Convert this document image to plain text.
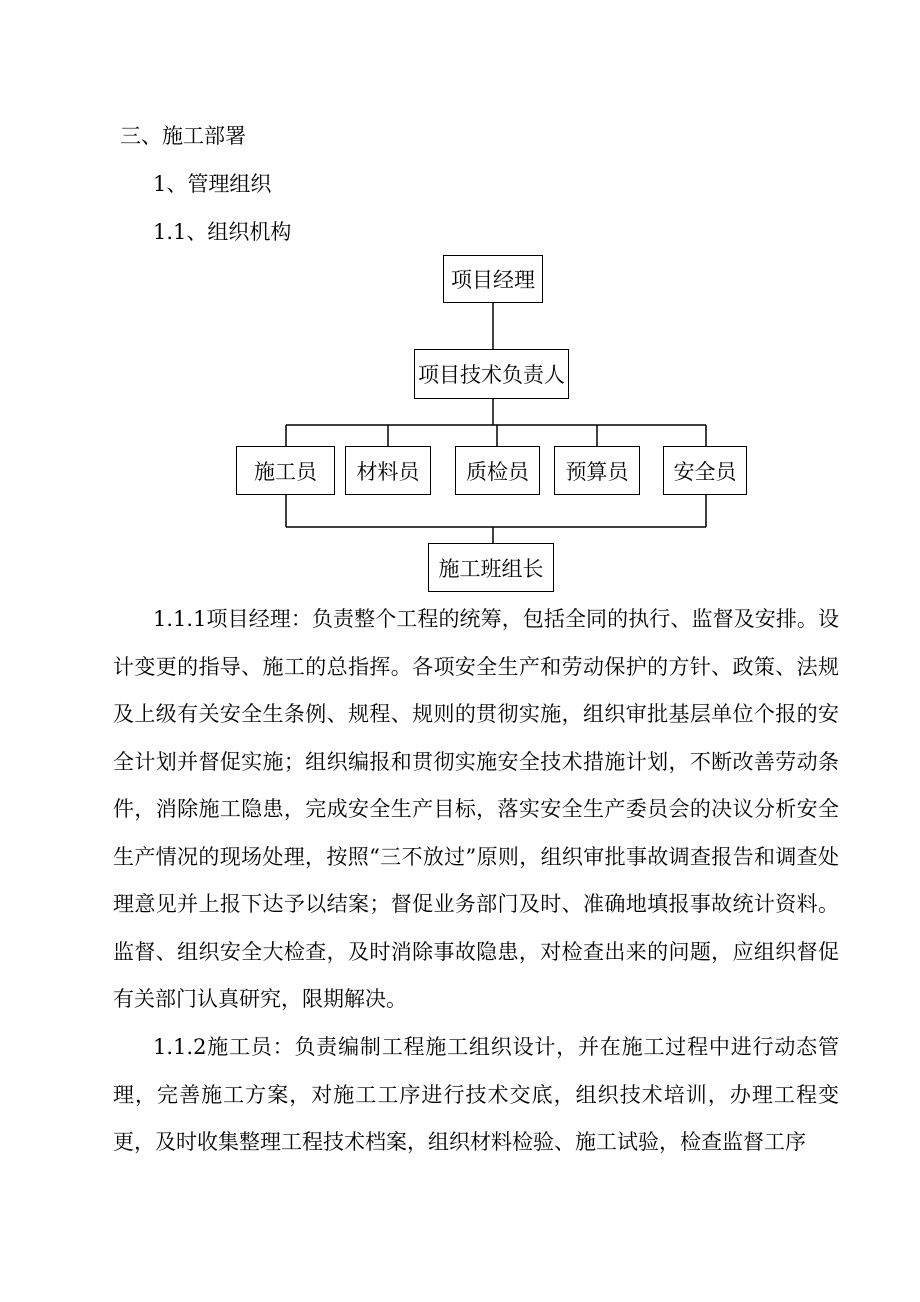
三、施工部署
1、管理组织
1.1、组织机构
项目经理
项目技术负责人
施工员	材料员	质检员	预算员	安全员
施工班组长

1.1.1项目经理：负责整个工程的统筹，包括全同的执行、监督及安排。设计变更的指导、施工的总指挥。各项安全生产和劳动保护的方针、政策、法规及上级有关安全生条例、规程、规则的贯彻实施，组织审批基层单位个报的安全计划并督促实施；组织编报和贯彻实施安全技术措施计划，不断改善劳动条件，消除施工隐患，完成安全生产目标，落实安全生产委员会的决议分析安全生产情况的现场处理，按照“三不放过”原则，组织审批事故调查报告和调查处理意见并上报下达予以结案；督促业务部门及时、准确地填报事故统计资料。监督、组织安全大检查，及时消除事故隐患，对检查出来的问题，应组织督促有关部门认真研究，限期解决。

1.1.2施工员：负责编制工程施工组织设计，并在施工过程中进行动态管理，完善施工方案，对施工工序进行技术交底，组织技术培训，办理工程变更，及时收集整理工程技术档案，组织材料检验、施工试验，检查监督工序
